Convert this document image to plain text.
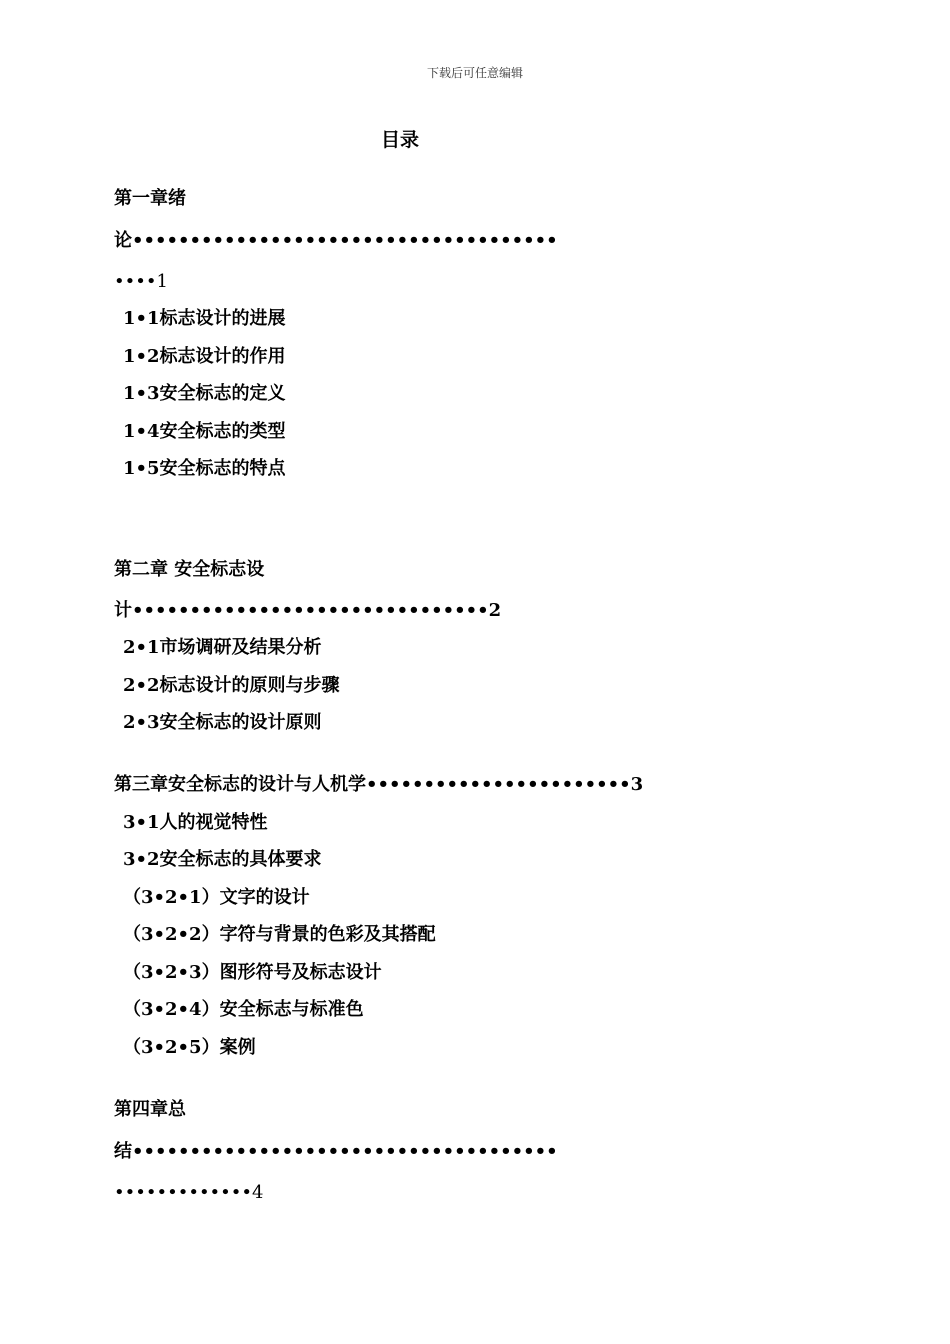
下载后可任意编辑
目录
第一章绪
论•••••••••••••••••••••••••••••••••••••
••••1
1•1标志设计的进展
1•2标志设计的作用
1•3安全标志的定义
1•4安全标志的类型
1•5安全标志的特点
第二章 安全标志设
计•••••••••••••••••••••••••••••••2
2•1市场调研及结果分析
2•2标志设计的原则与步骤
2•3安全标志的设计原则
第三章安全标志的设计与人机学•••••••••••••••••••••••3
3•1人的视觉特性
3•2安全标志的具体要求
（3•2•1）文字的设计
（3•2•2）字符与背景的色彩及其搭配
（3•2•3）图形符号及标志设计
（3•2•4）安全标志与标准色
（3•2•5）案例
第四章总
结•••••••••••••••••••••••••••••••••••••
•••••••••••••4
